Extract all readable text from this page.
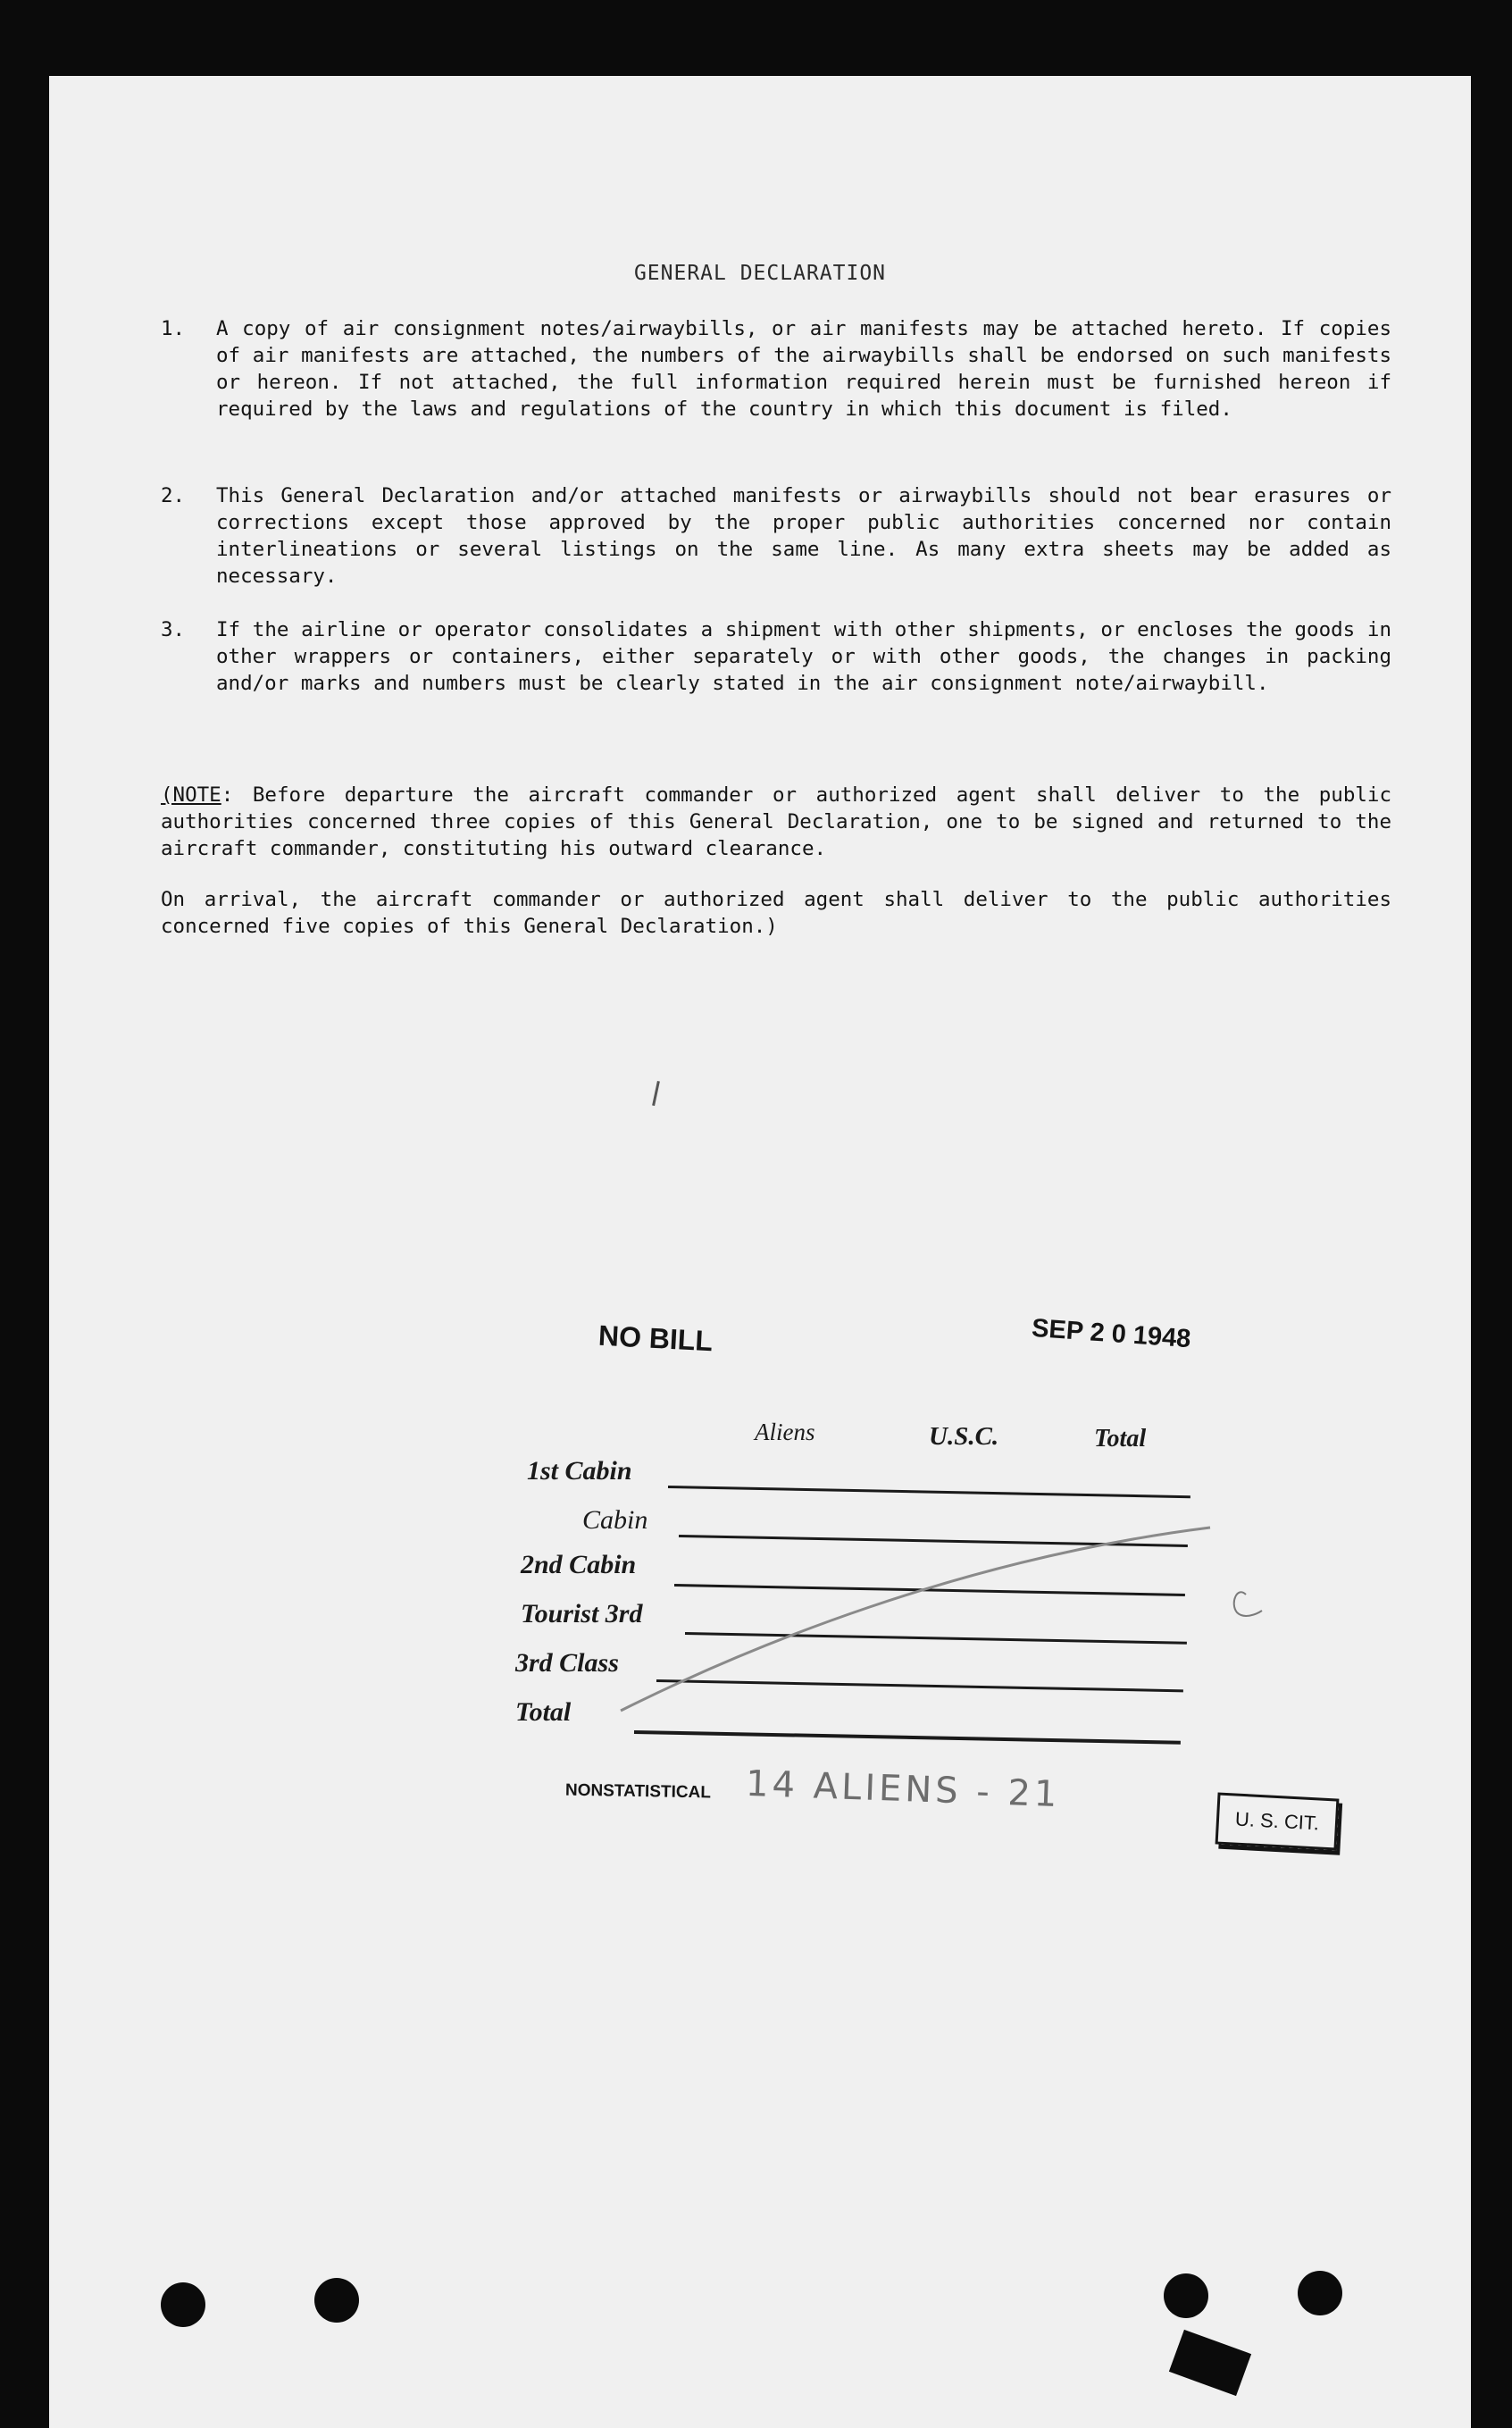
GENERAL DECLARATION
1.	A copy of air consignment notes/airwaybills, or air manifests may be attached hereto. If copies of air manifests are attached, the numbers of the airwaybills shall be endorsed on such manifests or hereon. If not attached, the full information required herein must be furnished hereon if required by the laws and regulations of the country in which this document is filed.
2.	This General Declaration and/or attached manifests or airwaybills should not bear erasures or corrections except those approved by the proper public authorities concerned nor contain interlineations or several listings on the same line. As many extra sheets may be added as necessary.
3.	If the airline or operator consolidates a shipment with other shipments, or encloses the goods in other wrappers or containers, either separately or with other goods, the changes in packing and/or marks and numbers must be clearly stated in the air consignment note/airwaybill.
(NOTE: Before departure the aircraft commander or authorized agent shall deliver to the public authorities concerned three copies of this General Declaration, one to be signed and returned to the aircraft commander, constituting his outward clearance.
On arrival, the aircraft commander or authorized agent shall deliver to the public authorities concerned five copies of this General Declaration.)
NO BILL	SEP 2 0 1948
Aliens	U.S.C.	Total
1st Cabin
Cabin
2nd Cabin
Tourist 3rd
3rd Class
Total
NONSTATISTICAL 14 ALIENS - 21
U. S. CIT.
